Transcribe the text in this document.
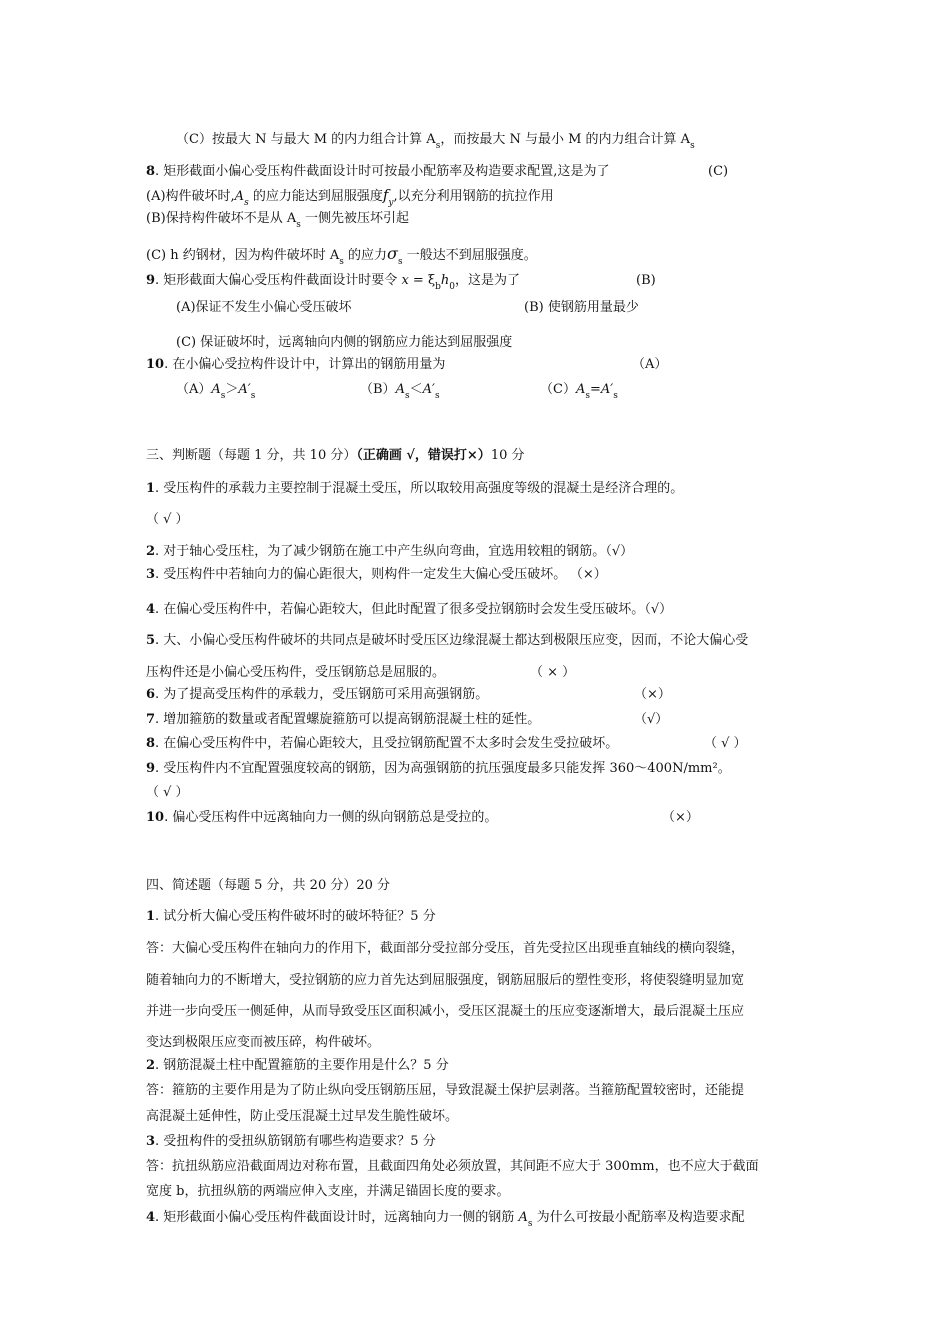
（C）按最大 N 与最大 M 的内力组合计算 $A_s$，而按最大 N 与最小 M 的内力组合计算 $A_s$
8. 矩形截面小偏心受压构件截面设计时可按最小配筋率及构造要求配置,这是为了	(C)
(A)构件破坏时$,A_s$ 的应力能达到屈服强度$f_y$,以充分利用钢筋的抗拉作用
(B)保持构件破坏不是从 $A_s$ 一侧先被压坏引起
(C) h 约钢材，因为构件破坏时 $A_s$ 的应力$\sigma_s$ 一般达不到屈服强度。
9. 矩形截面大偏心受压构件截面设计时要令 $x = \xi_bh_0$，这是为了	(B)
(A)保证不发生小偏心受压破坏	(B) 使钢筋用量最少
(C) 保证破坏时，远离轴向内侧的钢筋应力能达到屈服强度
10. 在小偏心受拉构件设计中，计算出的钢筋用量为	（A）
$(A)A_s>A'_s$	$(B)A_s<A'_s$	$(C)A_s=A'_s$
三、判断题（每题 1 分，共 10 分）（正确画 √，错误打×）10 分
1. 受压构件的承载力主要控制于混凝土受压，所以取较用高强度等级的混凝土是经济合理的。
（ √ ）
2. 对于轴心受压柱，为了减少钢筋在施工中产生纵向弯曲，宜选用较粗的钢筋。（√）
3. 受压构件中若轴向力的偏心距很大，则构件一定发生大偏心受压破坏。 （×）
4. 在偏心受压构件中，若偏心距较大，但此时配置了很多受拉钢筋时会发生受压破坏。（√）
5. 大、小偏心受压构件破坏的共同点是破坏时受压区边缘混凝土都达到极限压应变，因而，不论大偏心受
压构件还是小偏心受压构件，受压钢筋总是屈服的。	（ × ）
6. 为了提高受压构件的承载力，受压钢筋可采用高强钢筋。	（×）
7. 增加箍筋的数量或者配置螺旋箍筋可以提高钢筋混凝土柱的延性。	（√）
8. 在偏心受压构件中，若偏心距较大，且受拉钢筋配置不太多时会发生受拉破坏。	（ √ ）
9. 受压构件内不宜配置强度较高的钢筋，因为高强钢筋的抗压强度最多只能发挥 360～400N/mm²。
（ √ ）
10. 偏心受压构件中远离轴向力一侧的纵向钢筋总是受拉的。	（×）
四、简述题（每题 5 分，共 20 分）20 分
1. 试分析大偏心受压构件破坏时的破坏特征？5 分
答：大偏心受压构件在轴向力的作用下，截面部分受拉部分受压，首先受拉区出现垂直轴线的横向裂缝，
随着轴向力的不断增大，受拉钢筋的应力首先达到屈服强度，钢筋屈服后的塑性变形，将使裂缝明显加宽
并进一步向受压一侧延伸，从而导致受压区面积减小，受压区混凝土的压应变逐渐增大，最后混凝土压应
变达到极限压应变而被压碎，构件破坏。
2. 钢筋混凝土柱中配置箍筋的主要作用是什么？5 分
答：箍筋的主要作用是为了防止纵向受压钢筋压屈，导致混凝土保护层剥落。当箍筋配置较密时，还能提
高混凝土延伸性，防止受压混凝土过早发生脆性破坏。
3. 受扭构件的受扭纵筋钢筋有哪些构造要求？5 分
答：抗扭纵筋应沿截面周边对称布置，且截面四角处必须放置，其间距不应大于 300mm，也不应大于截面
宽度 b，抗扭纵筋的两端应伸入支座，并满足锚固长度的要求。
4. 矩形截面小偏心受压构件截面设计时，远离轴向力一侧的钢筋 $A_s$ 为什么可按最小配筋率及构造要求配
